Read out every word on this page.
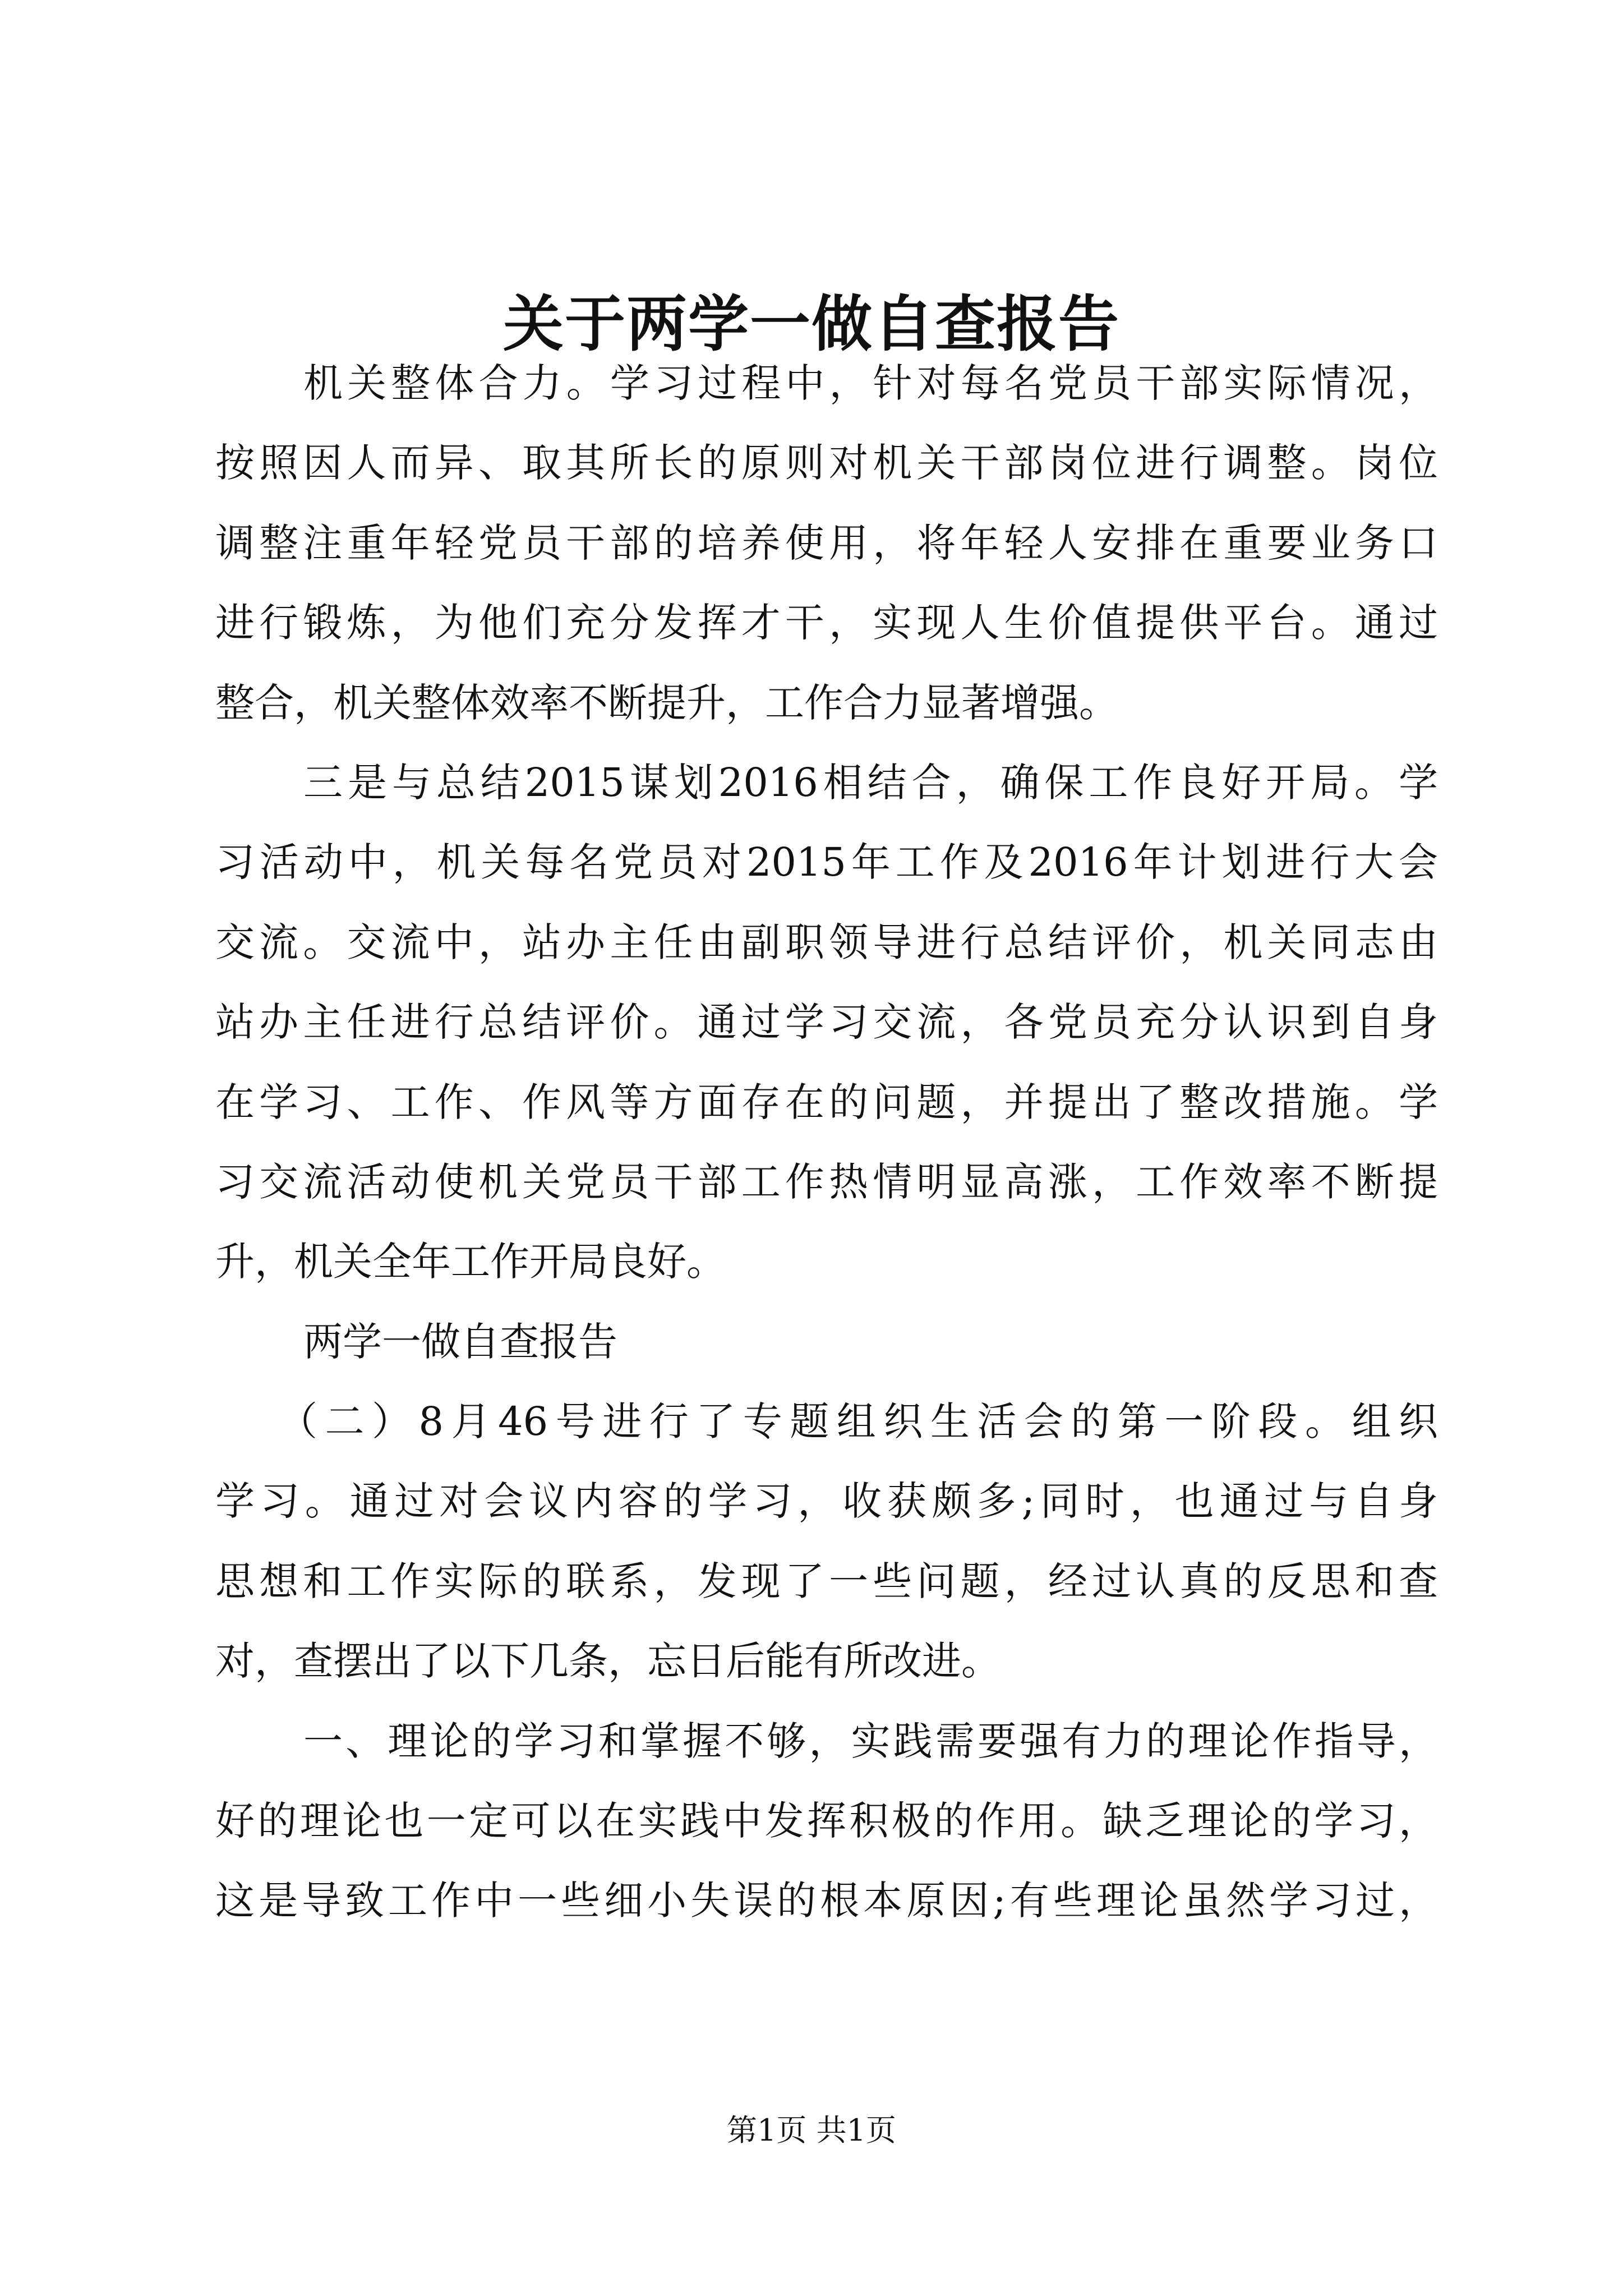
关于两学一做自查报告
机关整体合力。学习过程中，针对每名党员干部实际情况，
按照因人而异、取其所长的原则对机关干部岗位进行调整。岗位
调整注重年轻党员干部的培养使用，将年轻人安排在重要业务口
进行锻炼，为他们充分发挥才干，实现人生价值提供平台。通过
整合，机关整体效率不断提升，工作合力显著增强。
三是与总结2015谋划2016相结合，确保工作良好开局。学
习活动中，机关每名党员对2015年工作及2016年计划进行大会
交流。交流中，站办主任由副职领导进行总结评价，机关同志由
站办主任进行总结评价。通过学习交流，各党员充分认识到自身
在学习、工作、作风等方面存在的问题，并提出了整改措施。学
习交流活动使机关党员干部工作热情明显高涨，工作效率不断提
升，机关全年工作开局良好。
两学一做自查报告
（二）8月46号进行了专题组织生活会的第一阶段。组织
学习。通过对会议内容的学习，收获颇多;同时，也通过与自身
思想和工作实际的联系，发现了一些问题，经过认真的反思和查
对，查摆出了以下几条，忘日后能有所改进。
一、理论的学习和掌握不够，实践需要强有力的理论作指导，
好的理论也一定可以在实践中发挥积极的作用。缺乏理论的学习，
这是导致工作中一些细小失误的根本原因;有些理论虽然学习过，
第1页 共1页
